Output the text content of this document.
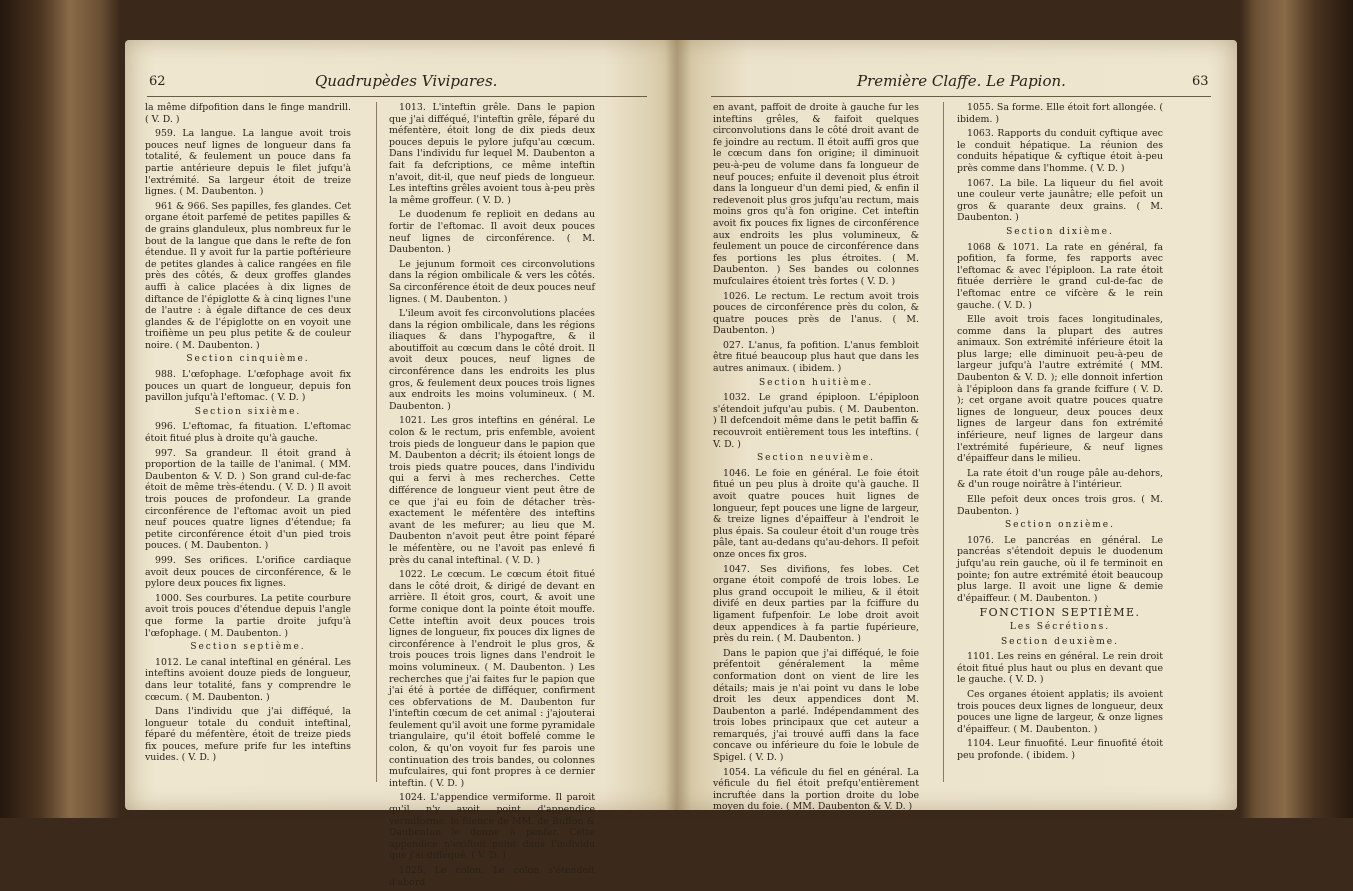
62	Quadrupèdes Vivipares.

la même difpofition dans le finge mandrill. ( V. D. )

959. La langue. La langue avoit trois pouces neuf lignes de longueur dans fa totalité, & feulement un pouce dans fa partie antérieure depuis le filet jufqu'à l'extrémité. Sa largeur étoit de treize lignes. ( M. Daubenton. )

961 & 966. Ses papilles, fes glandes. Cet organe étoit parfemé de petites papilles & de grains glanduleux, plus nombreux fur le bout de la langue que dans le refte de fon étendue. Il y avoit fur la partie poftérieure de petites glandes à calice rangées en file près des côtés, & deux groffes glandes auffi à calice placées à dix lignes de diftance de l'épiglotte & à cinq lignes l'une de l'autre : à égale diftance de ces deux glandes & de l'épiglotte on en voyoit une troifième un peu plus petite & de couleur noire. ( M. Daubenton. )

Section cinquième.

988. L'œfophage. L'œfophage avoit fix pouces un quart de longueur, depuis fon pavillon jufqu'à l'eftomac. ( V. D. )

Section sixième.

996. L'eftomac, fa fituation. L'eftomac étoit fitué plus à droite qu'à gauche.

997. Sa grandeur. Il étoit grand à proportion de la taille de l'animal. ( MM. Daubenton & V. D. ) Son grand cul-de-fac étoit de même très-étendu. ( V. D. ) Il avoit trois pouces de profondeur. La grande circonférence de l'eftomac avoit un pied neuf pouces quatre lignes d'étendue; fa petite circonférence étoit d'un pied trois pouces. ( M. Daubenton. )

999. Ses orifices. L'orifice cardiaque avoit deux pouces de circonférence, & le pylore deux pouces fix lignes.

1000. Ses courbures. La petite courbure avoit trois pouces d'étendue depuis l'angle que forme la partie droite jufqu'à l'œfophage. ( M. Daubenton. )

Section septième.

1012. Le canal inteftinal en général. Les inteftins avoient douze pieds de longueur, dans leur totalité, fans y comprendre le cœcum. ( M. Daubenton. )

Dans l'individu que j'ai difféqué, la longueur totale du conduit inteftinal, féparé du méfentère, étoit de treize pieds fix pouces, mefure prife fur les inteftins vuides. ( V. D. )

1013. L'inteftin grêle. Dans le papion que j'ai difféqué, l'inteftin grêle, féparé du méfentère, étoit long de dix pieds deux pouces depuis le pylore jufqu'au cœcum. Dans l'individu fur lequel M. Daubenton a fait fa defcriptions, ce même inteftin n'avoit, dit-il, que neuf pieds de longueur. Les inteftins grêles avoient tous à-peu près la même groffeur. ( V. D. )

Le duodenum fe replioit en dedans au fortir de l'eftomac. Il avoit deux pouces neuf lignes de circonférence. ( M. Daubenton. )

Le jejunum formoit ces circonvolutions dans la région ombilicale & vers les côtés. Sa circonférence étoit de deux pouces neuf lignes. ( M. Daubenton. )

L'ileum avoit fes circonvolutions placées dans la région ombilicale, dans les régions iliaques & dans l'hypogaftre, & il aboutiffoit au cœcum dans le côté droit. Il avoit deux pouces, neuf lignes de circonférence dans les endroits les plus gros, & feulement deux pouces trois lignes aux endroits les moins volumineux. ( M. Daubenton. )

1021. Les gros inteftins en général. Le colon & le rectum, pris enfemble, avoient trois pieds de longueur dans le papion que M. Daubenton a décrit; ils étoient longs de trois pieds quatre pouces, dans l'individu qui a fervi à mes recherches. Cette différence de longueur vient peut être de ce que j'ai eu foin de détacher très-exactement le méfentère des inteftins avant de les mefurer; au lieu que M. Daubenton n'avoit peut être point féparé le méfentère, ou ne l'avoit pas enlevé fi près du canal inteftinal. ( V. D. )

1022. Le cœcum. Le cœcum étoit fitué dans le côté droit, & dirigé de devant en arrière. Il étoit gros, court, & avoit une forme conique dont la pointe étoit mouffe. Cette inteftin avoit deux pouces trois lignes de longueur, fix pouces dix lignes de circonférence à l'endroit le plus gros, & trois pouces trois lignes dans l'endroit le moins volumineux. ( M. Daubenton. ) Les recherches que j'ai faites fur le papion que j'ai été à portée de difféquer, confirment ces obfervations de M. Daubenton fur l'inteftin cœcum de cet animal : j'ajouterai feulement qu'il avoit une forme pyramidale triangulaire, qu'il étoit boffelé comme le colon, & qu'on voyoit fur fes parois une continuation des trois bandes, ou colonnes mufculaires, qui font propres à ce dernier inteftin. ( V. D. )

1024. L'appendice vermiforme. Il paroit qu'il n'y avoit point d'appendice vermiforme; le filence de MM. de Buffon & Daubenton le donne à penfer. Cette appendice n'exiftoit point dans l'individu que j'ai difféqué. ( V. D. )

1025. Le colon. Le colon s'étendoit d'abord

Première Claffe. Le Papion.	63

en avant, paffoit de droite à gauche fur les inteftins grêles, & faifoit quelques circonvolutions dans le côté droit avant de fe joindre au rectum. Il étoit auffi gros que le cœcum dans fon origine; il diminuoit peu-à-peu de volume dans fa longueur de neuf pouces; enfuite il devenoit plus étroit dans la longueur d'un demi pied, & enfin il redevenoit plus gros jufqu'au rectum, mais moins gros qu'à fon origine. Cet inteftin avoit fix pouces fix lignes de circonférence aux endroits les plus volumineux, & feulement un pouce de circonférence dans fes portions les plus étroites. ( M. Daubenton. ) Ses bandes ou colonnes mufculaires étoient très fortes ( V. D. )

1026. Le rectum. Le rectum avoit trois pouces de circonférence près du colon, & quatre pouces près de l'anus. ( M. Daubenton. )

027. L'anus, fa pofition. L'anus fembloit être fitué beaucoup plus haut que dans les autres animaux. ( ibidem. )

Section huitième.

1032. Le grand épiploon. L'épiploon s'étendoit jufqu'au pubis. ( M. Daubenton. ) Il defcendoit même dans le petit baffin & recouvroit entièrement tous les inteftins. ( V. D. )

Section neuvième.

1046. Le foie en général. Le foie étoit fitué un peu plus à droite qu'à gauche. Il avoit quatre pouces huit lignes de longueur, fept pouces une ligne de largeur, & treize lignes d'épaiffeur à l'endroit le plus épais. Sa couleur étoit d'un rouge très pâle, tant au-dedans qu'au-dehors. Il pefoit onze onces fix gros.

1047. Ses divifions, fes lobes. Cet organe étoit compofé de trois lobes. Le plus grand occupoit le milieu, & il étoit divifé en deux parties par la fciffure du ligament fufpenfoir. Le lobe droit avoit deux appendices à fa partie fupérieure, près du rein. ( M. Daubenton. )

Dans le papion que j'ai difféqué, le foie préfentoit généralement la même conformation dont on vient de lire les détails; mais je n'ai point vu dans le lobe droit les deux appendices dont M. Daubenton a parlé. Indépendamment des trois lobes principaux que cet auteur a remarqués, j'ai trouvé auffi dans la face concave ou inférieure du foie le lobule de Spigel. ( V. D. )

1054. La véficule du fiel en général. La véficule du fiel étoit prefqu'entièrement incruftée dans la portion droite du lobe moyen du foie. ( MM. Daubenton & V. D. )

1055. Sa forme. Elle étoit fort allongée. ( ibidem. )

1063. Rapports du conduit cyftique avec le conduit hépatique. La réunion des conduits hépatique & cyftique étoit à-peu près comme dans l'homme. ( V. D. )

1067. La bile. La liqueur du fiel avoit une couleur verte jaunâtre; elle pefoit un gros & quarante deux grains. ( M. Daubenton. )

Section dixième.

1068 & 1071. La rate en général, fa pofition, fa forme, fes rapports avec l'eftomac & avec l'épiploon. La rate étoit fituée derrière le grand cul-de-fac de l'eftomac entre ce vifcère & le rein gauche. ( V. D. )

Elle avoit trois faces longitudinales, comme dans la plupart des autres animaux. Son extrémité inférieure étoit la plus large; elle diminuoit peu-à-peu de largeur jufqu'à l'autre extrémité ( MM. Daubenton & V. D. ); elle donnoit infertion à l'épiploon dans fa grande fciffure ( V. D. ); cet organe avoit quatre pouces quatre lignes de longueur, deux pouces deux lignes de largeur dans fon extrémité inférieure, neuf lignes de largeur dans l'extrémité fupérieure, & neuf lignes d'épaiffeur dans le milieu.

La rate étoit d'un rouge pâle au-dehors, & d'un rouge noirâtre à l'intérieur.

Elle pefoit deux onces trois gros. ( M. Daubenton. )

Section onzième.

1076. Le pancréas en général. Le pancréas s'étendoit depuis le duodenum jufqu'au rein gauche, où il fe terminoit en pointe; fon autre extrémité étoit beaucoup plus large. Il avoit une ligne & demie d'épaiffeur. ( M. Daubenton. )

FONCTION SEPTIÈME.

Les Sécrétions.

Section deuxième.

1101. Les reins en général. Le rein droit étoit fitué plus haut ou plus en devant que le gauche. ( V. D. )

Ces organes étoient applatis; ils avoient trois pouces deux lignes de longueur, deux pouces une ligne de largeur, & onze lignes d'épaiffeur. ( M. Daubenton. )

1104. Leur finuofité. Leur finuofité étoit peu profonde. ( ibidem. )
